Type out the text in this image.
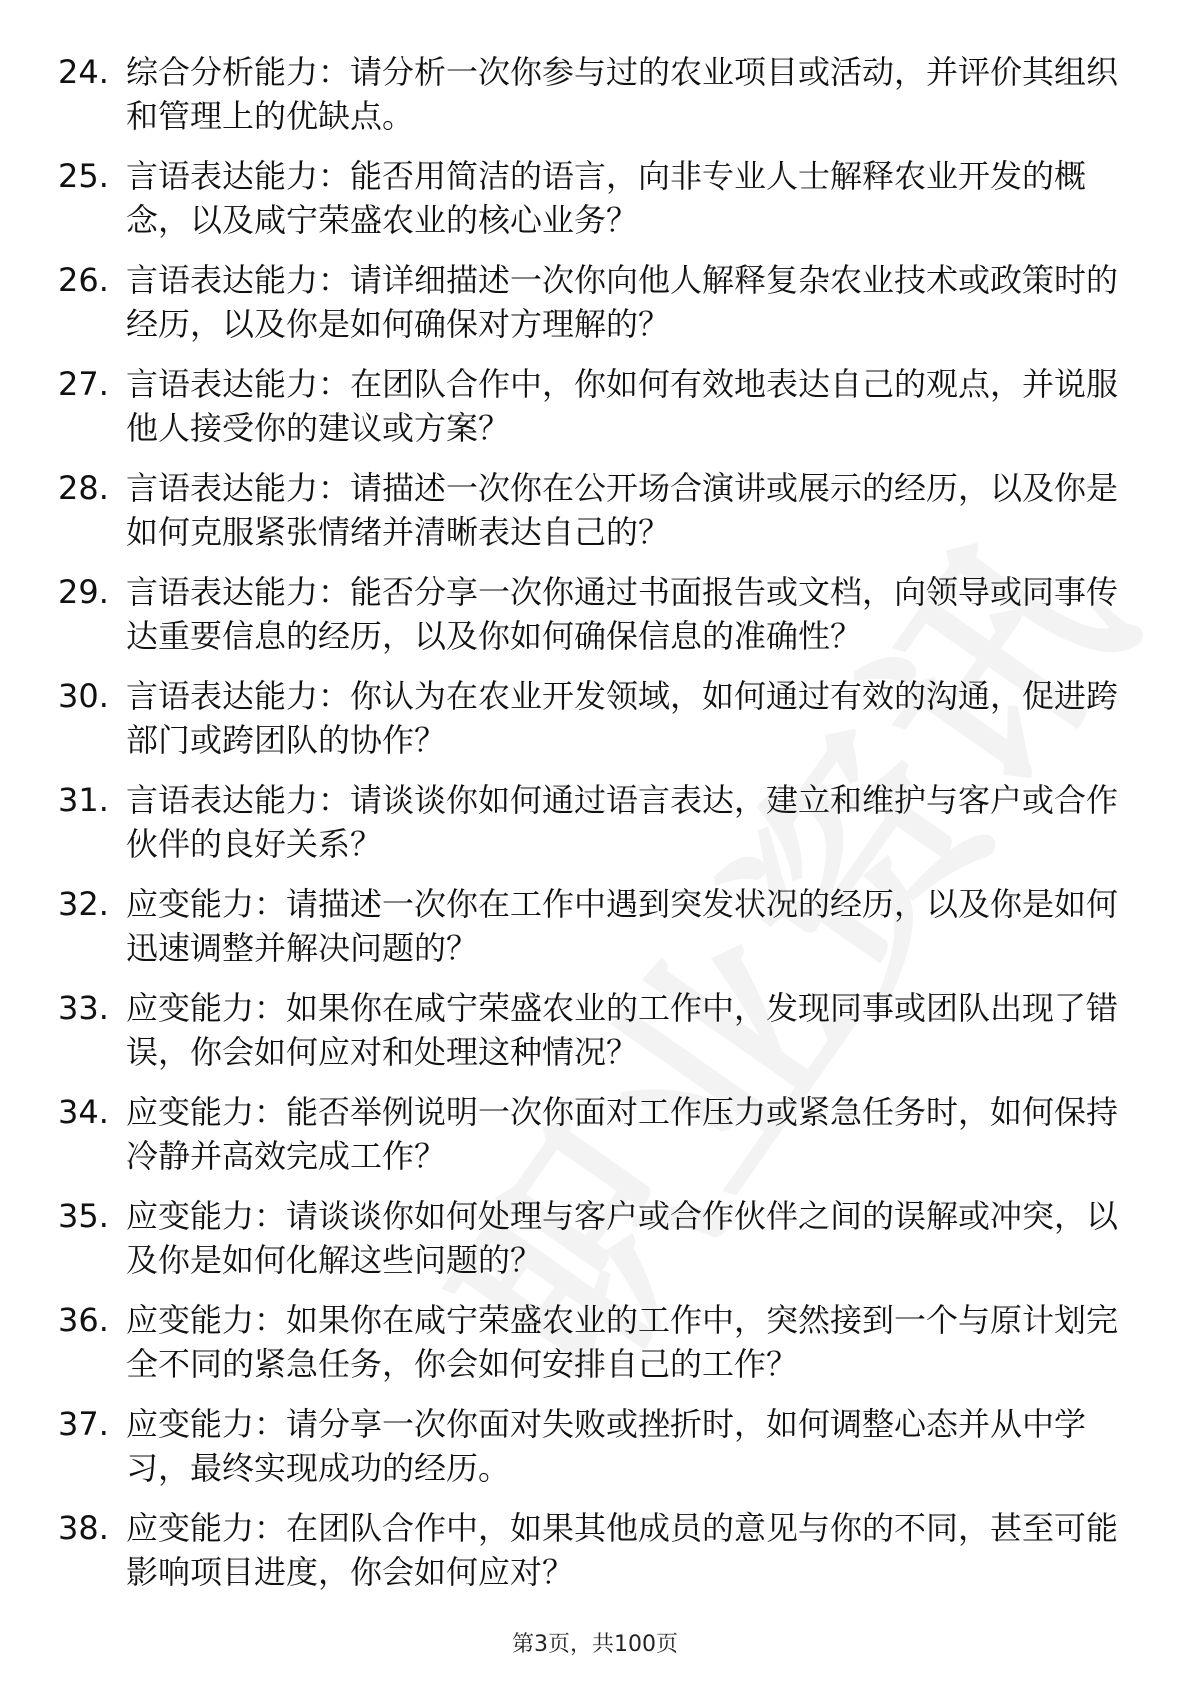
24. 综合分析能力：请分析一次你参与过的农业项目或活动，并评价其组织和管理上的优缺点。
25. 言语表达能力：能否用简洁的语言，向非专业人士解释农业开发的概念，以及咸宁荣盛农业的核心业务？
26. 言语表达能力：请详细描述一次你向他人解释复杂农业技术或政策时的经历，以及你是如何确保对方理解的？
27. 言语表达能力：在团队合作中，你如何有效地表达自己的观点，并说服他人接受你的建议或方案？
28. 言语表达能力：请描述一次你在公开场合演讲或展示的经历，以及你是如何克服紧张情绪并清晰表达自己的？
29. 言语表达能力：能否分享一次你通过书面报告或文档，向领导或同事传达重要信息的经历，以及你如何确保信息的准确性？
30. 言语表达能力：你认为在农业开发领域，如何通过有效的沟通，促进跨部门或跨团队的协作？
31. 言语表达能力：请谈谈你如何通过语言表达，建立和维护与客户或合作伙伴的良好关系？
32. 应变能力：请描述一次你在工作中遇到突发状况的经历，以及你是如何迅速调整并解决问题的？
33. 应变能力：如果你在咸宁荣盛农业的工作中，发现同事或团队出现了错误，你会如何应对和处理这种情况？
34. 应变能力：能否举例说明一次你面对工作压力或紧急任务时，如何保持冷静并高效完成工作？
35. 应变能力：请谈谈你如何处理与客户或合作伙伴之间的误解或冲突，以及你是如何化解这些问题的？
36. 应变能力：如果你在咸宁荣盛农业的工作中，突然接到一个与原计划完全不同的紧急任务，你会如何安排自己的工作？
37. 应变能力：请分享一次你面对失败或挫折时，如何调整心态并从中学习，最终实现成功的经历。
38. 应变能力：在团队合作中，如果其他成员的意见与你的不同，甚至可能影响项目进度，你会如何应对？
第3页，共100页
